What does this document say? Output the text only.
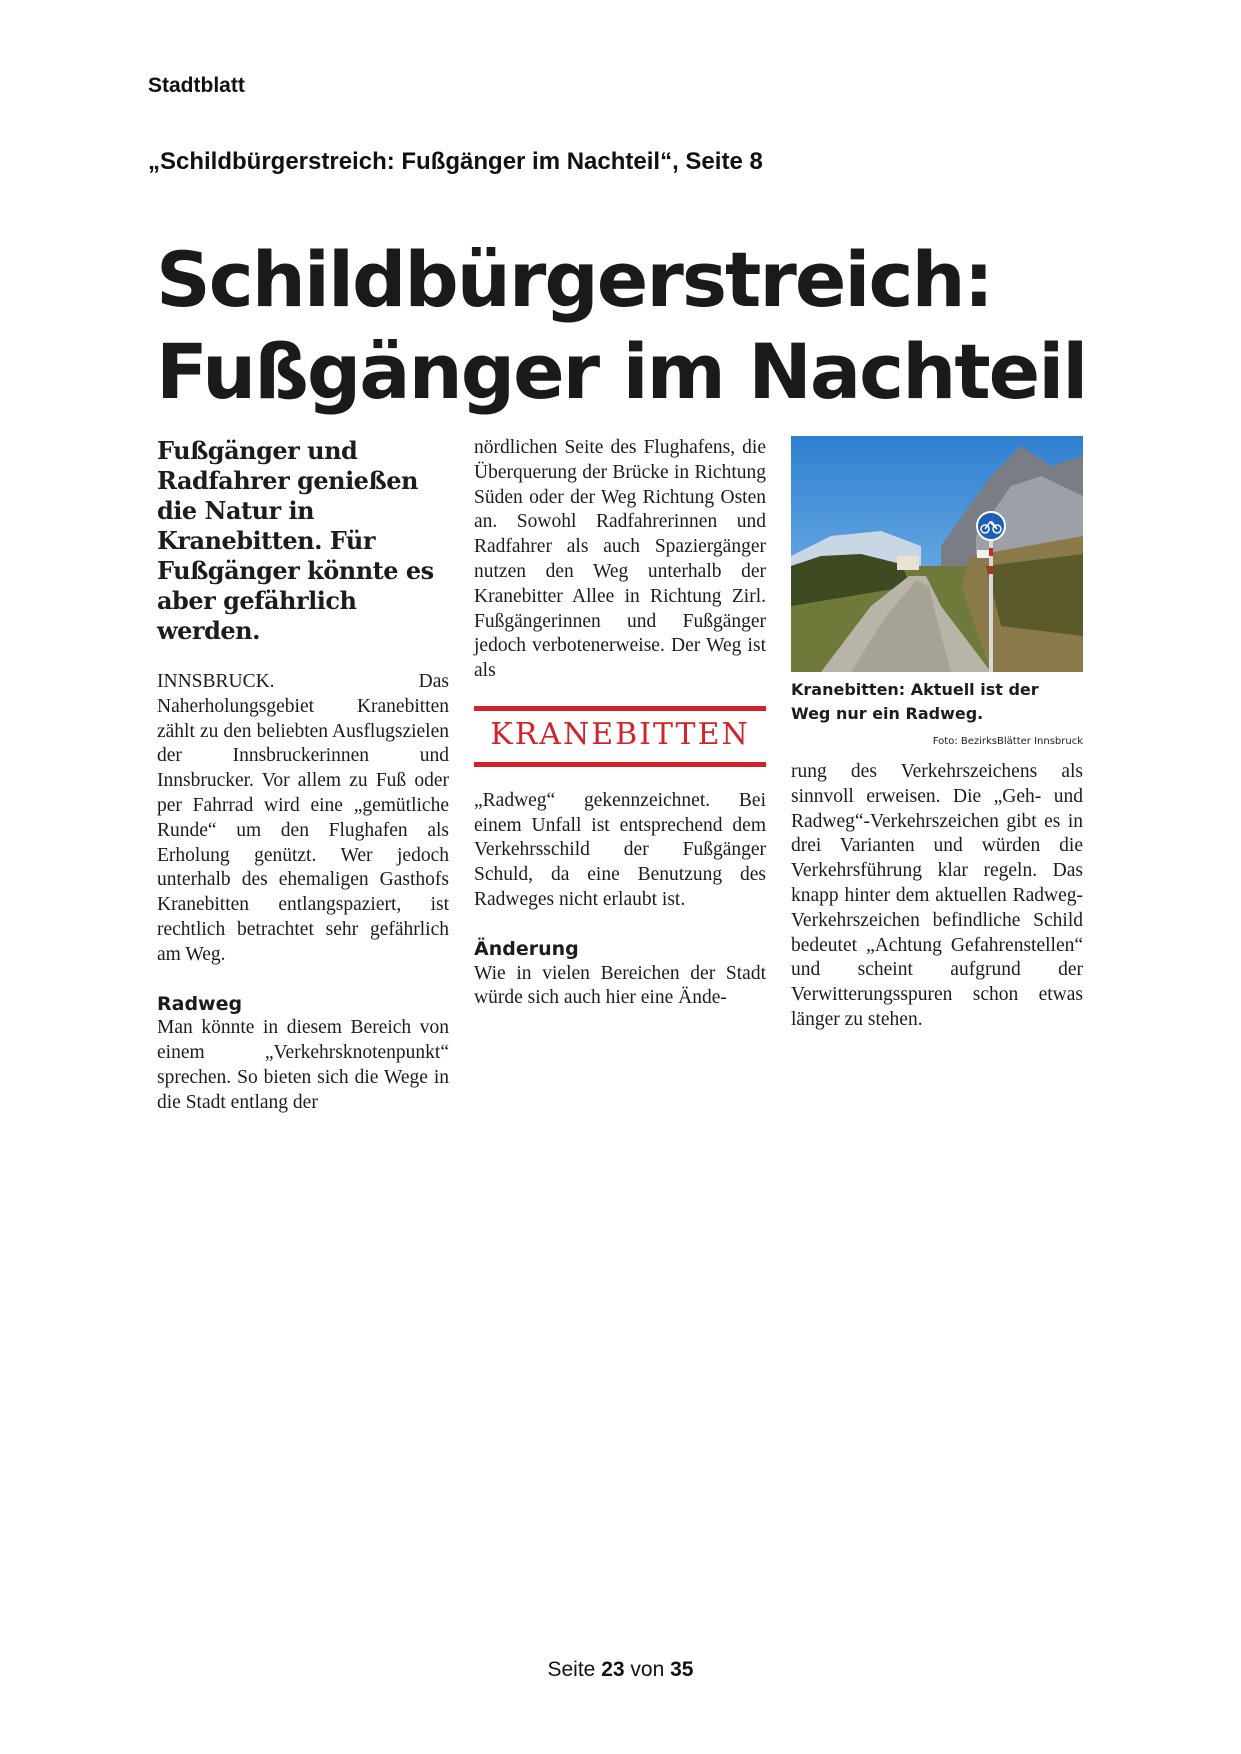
Stadtblatt
„Schildbürgerstreich: Fußgänger im Nachteil“, Seite 8
Schildbürgerstreich:
Fußgänger im Nachteil

Fußgänger und Radfahrer genießen die Natur in Kranebitten. Für Fußgänger könnte es aber gefährlich werden.

INNSBRUCK. Das Naherholungsgebiet Kranebitten zählt zu den beliebten Ausflugszielen der Innsbruckerinnen und Innsbrucker. Vor allem zu Fuß oder per Fahrrad wird eine „gemütliche Runde“ um den Flughafen als Erholung genützt. Wer jedoch unterhalb des ehemaligen Gasthofs Kranebitten entlangspaziert, ist rechtlich betrachtet sehr gefährlich am Weg.

Radweg

Man könnte in diesem Bereich von einem „Verkehrsknotenpunkt“ sprechen. So bieten sich die Wege in die Stadt entlang der

nördlichen Seite des Flughafens, die Überquerung der Brücke in Richtung Süden oder der Weg Richtung Osten an. Sowohl Radfahrerinnen und Radfahrer als auch Spaziergänger nutzen den Weg unterhalb der Kranebitter Allee in Richtung Zirl. Fußgängerinnen und Fußgänger jedoch verbotenerweise. Der Weg ist als

KRANEBITTEN

„Radweg“ gekennzeichnet. Bei einem Unfall ist entsprechend dem Verkehrsschild der Fußgänger Schuld, da eine Benutzung des Radweges nicht erlaubt ist.

Änderung

Wie in vielen Bereichen der Stadt würde sich auch hier eine Ände-

Kranebitten: Aktuell ist der Weg nur ein Radweg.
Foto: BezirksBlätter Innsbruck

rung des Verkehrszeichens als sinnvoll erweisen. Die „Geh- und Radweg“-Verkehrszeichen gibt es in drei Varianten und würden die Verkehrsführung klar regeln. Das knapp hinter dem aktuellen Radweg-Verkehrszeichen befindliche Schild bedeutet „Achtung Gefahrenstellen“ und scheint aufgrund der Verwitterungsspuren schon etwas länger zu stehen.

Seite 23 von 35
